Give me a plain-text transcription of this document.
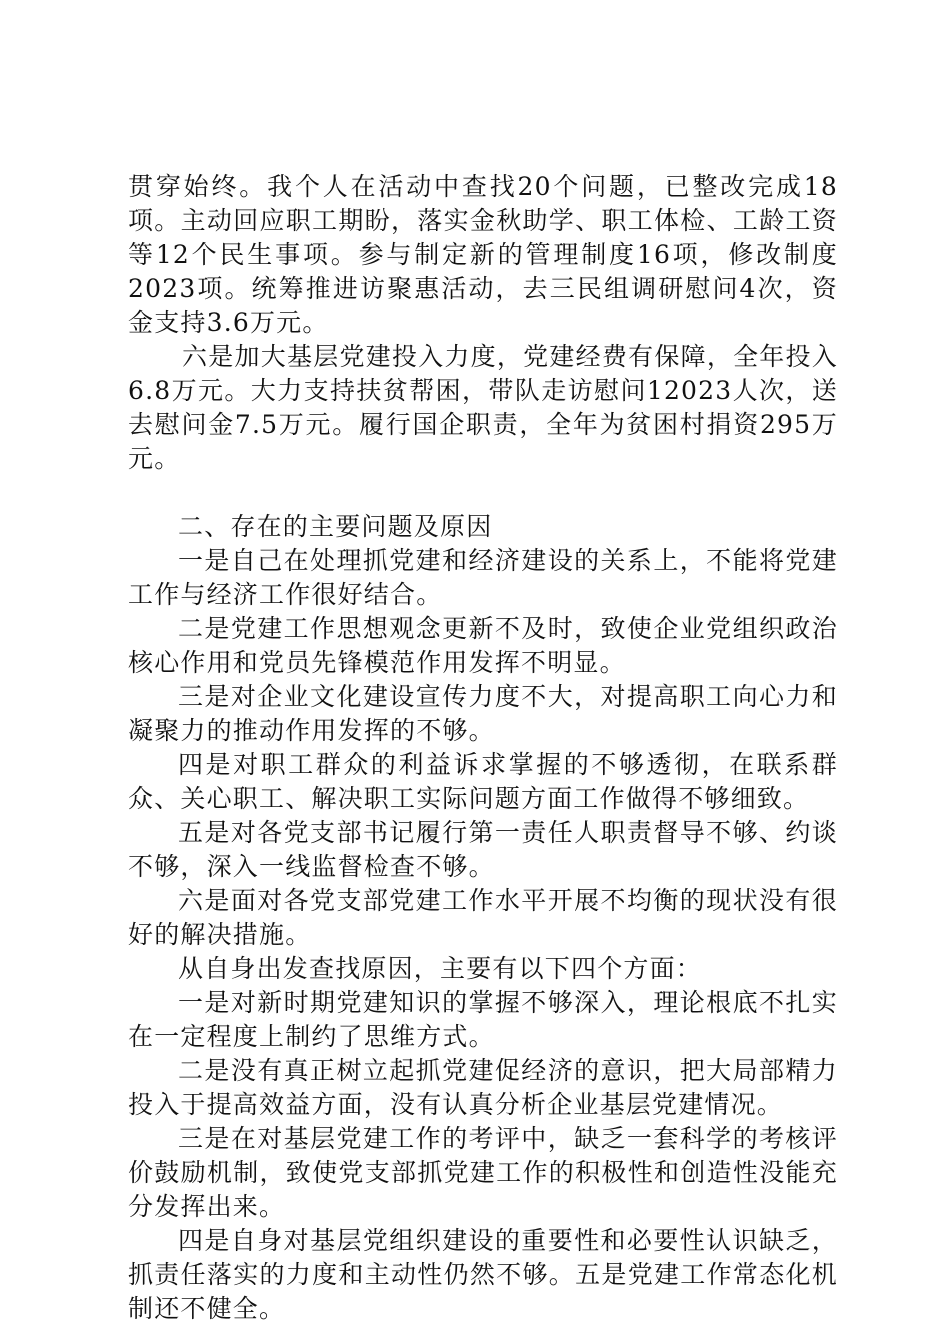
贯穿始终。我个人在活动中查找20个问题，已整改完成18项。主动回应职工期盼，落实金秋助学、职工体检、工龄工资等12个民生事项。参与制定新的管理制度16项，修改制度2023项。统筹推进访聚惠活动，去三民组调研慰问4次，资金支持3.6万元。

六是加大基层党建投入力度，党建经费有保障，全年投入6.8万元。大力支持扶贫帮困，带队走访慰问12023人次，送去慰问金7.5万元。履行国企职责，全年为贫困村捐资295万元。

二、存在的主要问题及原因

一是自己在处理抓党建和经济建设的关系上，不能将党建工作与经济工作很好结合。

二是党建工作思想观念更新不及时，致使企业党组织政治核心作用和党员先锋模范作用发挥不明显。

三是对企业文化建设宣传力度不大，对提高职工向心力和凝聚力的推动作用发挥的不够。

四是对职工群众的利益诉求掌握的不够透彻，在联系群众、关心职工、解决职工实际问题方面工作做得不够细致。

五是对各党支部书记履行第一责任人职责督导不够、约谈不够，深入一线监督检查不够。

六是面对各党支部党建工作水平开展不均衡的现状没有很好的解决措施。

从自身出发查找原因，主要有以下四个方面：

一是对新时期党建知识的掌握不够深入，理论根底不扎实在一定程度上制约了思维方式。

二是没有真正树立起抓党建促经济的意识，把大局部精力投入于提高效益方面，没有认真分析企业基层党建情况。

三是在对基层党建工作的考评中，缺乏一套科学的考核评价鼓励机制，致使党支部抓党建工作的积极性和创造性没能充分发挥出来。

四是自身对基层党组织建设的重要性和必要性认识缺乏，抓责任落实的力度和主动性仍然不够。五是党建工作常态化机制还不健全。
